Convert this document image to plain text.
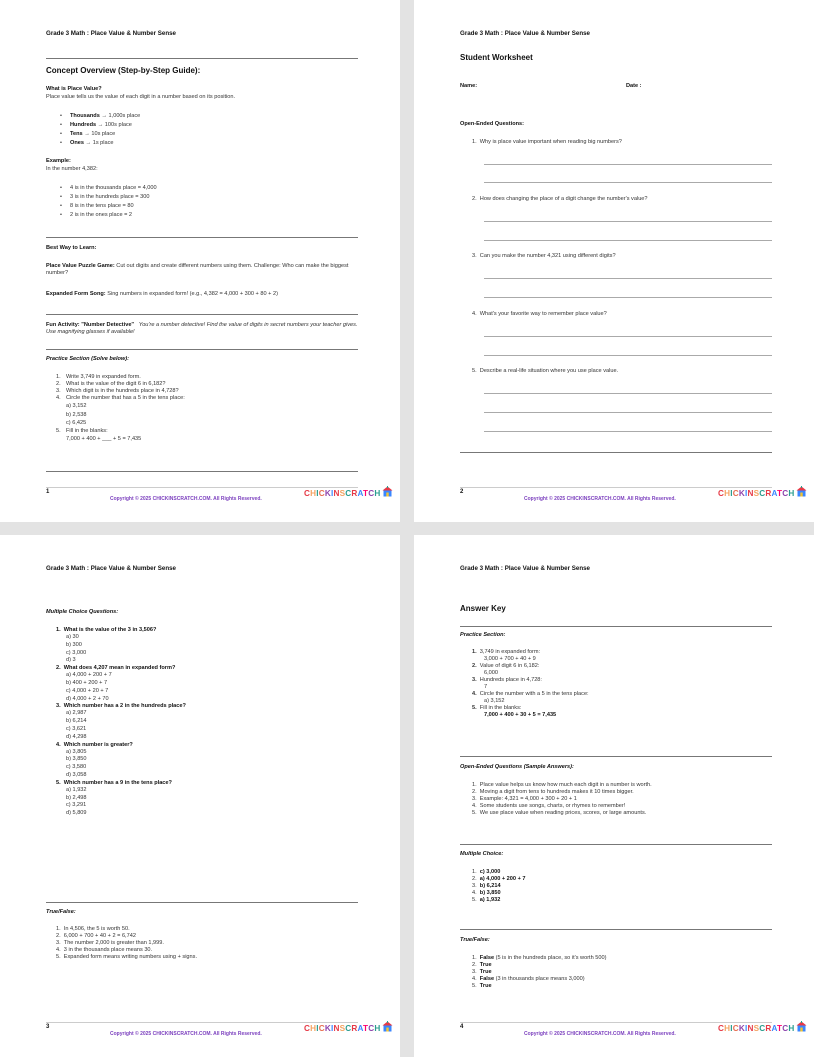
Grade 3 Math : Place Value & Number Sense
Concept Overview (Step-by-Step Guide):
What is Place Value?
Place value tells us the value of each digit in a number based on its position.
• Thousands → 1,000s place
• Hundreds → 100s place
• Tens → 10s place
• Ones → 1s place
Example:
In the number 4,382:
• 4 is in the thousands place = 4,000
• 3 is in the hundreds place = 300
• 8 is in the tens place = 80
• 2 is in the ones place = 2
Best Way to Learn:
Place Value Puzzle Game: Cut out digits and create different numbers using them. Challenge: Who can make the biggest number?
Expanded Form Song: Sing numbers in expanded form! (e.g., 4,382 = 4,000 + 300 + 80 + 2)
Fun Activity: "Number Detective" You're a number detective! Find the value of digits in secret numbers your teacher gives. Use magnifying glasses if available!
Practice Section (Solve below):
1. Write 3,749 in expanded form.
2. What is the value of the digit 6 in 6,182?
3. Which digit is in the hundreds place in 4,728?
4. Circle the number that has a 5 in the tens place:
a) 3,152
b) 2,538
c) 6,425
5. Fill in the blanks:
7,000 + 400 + ___ + 5 = 7,435
1
Copyright © 2025 CHICKINSCRATCH.COM. All Rights Reserved.
CHICKINSCRATCH
Grade 3 Math : Place Value & Number Sense
Student Worksheet
Name:	Date :
Open-Ended Questions:
1.  Why is place value important when reading big numbers?
2.  How does changing the place of a digit change the number's value?
3.  Can you make the number 4,321 using different digits?
4.  What's your favorite way to remember place value?
5.  Describe a real-life situation where you use place value.
2
Copyright © 2025 CHICKINSCRATCH.COM. All Rights Reserved.
CHICKINSCRATCH
Grade 3 Math : Place Value & Number Sense
Multiple Choice Questions:
1.  What is the value of the 3 in 3,506?
a) 30
b) 300
c) 3,000
d) 3
2.  What does 4,207 mean in expanded form?
a) 4,000 + 200 + 7
b) 400 + 200 + 7
c) 4,000 + 20 + 7
d) 4,000 + 2 + 70
3.  Which number has a 2 in the hundreds place?
a) 2,987
b) 6,214
c) 3,621
d) 4,298
4.  Which number is greater?
a) 3,805
b) 3,850
c) 3,580
d) 3,058
5.  Which number has a 9 in the tens place?
a) 1,932
b) 2,498
c) 3,291
d) 5,809
True/False:
1.  In 4,506, the 5 is worth 50.
2.  6,000 + 700 + 40 + 2 = 6,742
3.  The number 2,000 is greater than 1,999.
4.  3 in the thousands place means 30.
5.  Expanded form means writing numbers using + signs.
3
Copyright © 2025 CHICKINSCRATCH.COM. All Rights Reserved.
CHICKINSCRATCH
Grade 3 Math : Place Value & Number Sense
Answer Key
Practice Section:
1. 3,749 in expanded form:
3,000 + 700 + 40 + 9
2. Value of digit 6 in 6,182:
6,000
3. Hundreds place in 4,728:
7
4. Circle the number with a 5 in the tens place:
a) 3,152
5. Fill in the blanks:
7,000 + 400 + 30 + 5 = 7,435
Open-Ended Questions (Sample Answers):
1.  Place value helps us know how much each digit in a number is worth.
2.  Moving a digit from tens to hundreds makes it 10 times bigger.
3.  Example: 4,321 = 4,000 + 300 + 20 + 1
4.  Some students use songs, charts, or rhymes to remember!
5.  We use place value when reading prices, scores, or large amounts.
Multiple Choice:
1.  c) 3,000
2.  a) 4,000 + 200 + 7
3.  b) 6,214
4.  b) 3,850
5.  a) 1,932
True/False:
1.  False (5 is in the hundreds place, so it's worth 500)
2.  True
3.  True
4.  False (3 in thousands place means 3,000)
5.  True
4
Copyright © 2025 CHICKINSCRATCH.COM. All Rights Reserved.
CHICKINSCRATCH
